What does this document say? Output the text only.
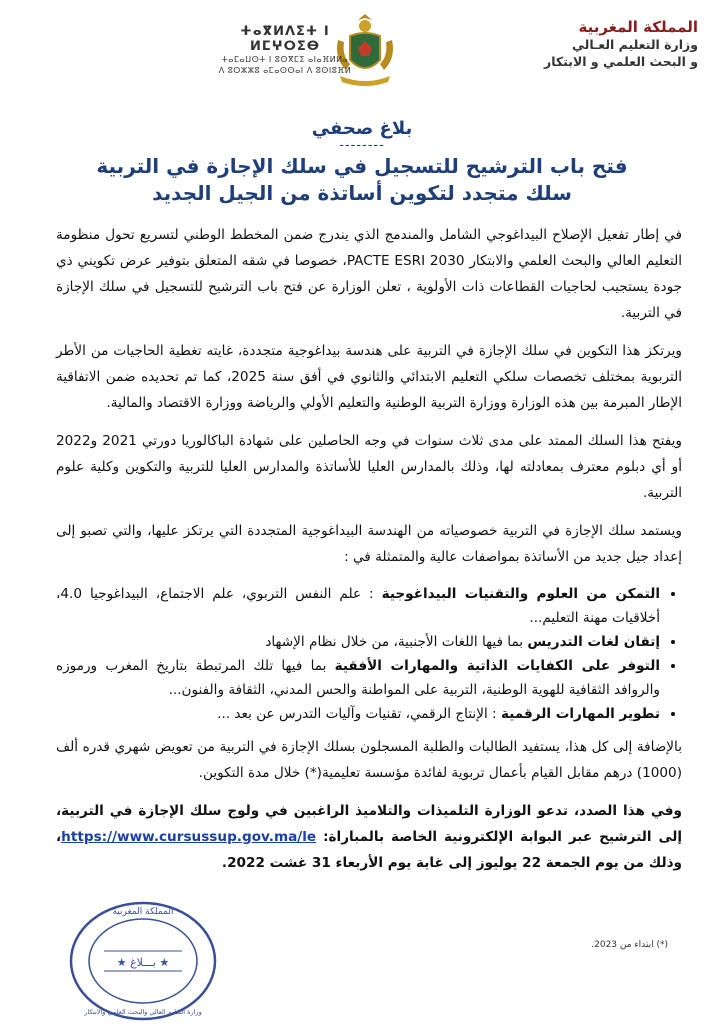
المملكة المغربية
وزارة التعليم العـالي
و البحث العلمي و الابتكار
ⵜⴰⴳⵍⴷⵉⵜ ⵏ ⵍⵎⵖⵔⵉⴱ
ⵜⴰⵎⴰⵡⵙⵜ ⵏ ⵓⵙⴳⵎⵉ ⴰⵏⴰⴼⵍⵍⴰ
ⴷ ⵓⵔⵣⵣⵓ ⴰⵎⴰⵙⵙⴰⵏ ⴷ ⵓⵙⵏⵓⴼⵍ
بلاغ صحفي
--------
فتح باب الترشيح للتسجيل في سلك الإجازة في التربية
سلك متجدد لتكوين أساتذة من الجيل الجديد

في إطار تفعيل الإصلاح البيداغوجي الشامل والمندمج الذي يندرج ضمن المخطط الوطني لتسريع تحول منظومة التعليم العالي والبحث العلمي والابتكار PACTE ESRI 2030، خصوصا في شقه المتعلق بتوفير عرض تكويني ذي جودة يستجيب لحاجيات القطاعات ذات الأولوية ، تعلن الوزارة عن فتح باب الترشيح للتسجيل في سلك الإجازة في التربية.

ويرتكز هذا التكوين في سلك الإجازة في التربية على هندسة بيداغوجية متجددة، غايته تغطية الحاجيات من الأطر التربوية بمختلف تخصصات سلكي التعليم الابتدائي والثانوي في أفق سنة 2025، كما تم تحديده ضمن الاتفاقية الإطار المبرمة بين هذه الوزارة ووزارة التربية الوطنية والتعليم الأولي والرياضة ووزارة الاقتصاد والمالية.

ويفتح هذا السلك الممتد على مدى ثلاث سنوات في وجه الحاصلين على شهادة الباكالوريا دورتي 2021 و2022 أو أي دبلوم معترف بمعادلته لها، وذلك بالمدارس العليا للأساتذة والمدارس العليا للتربية والتكوين وكلية علوم التربية.

ويستمد سلك الإجازة في التربية خصوصياته من الهندسة البيداغوجية المتجددة التي يرتكز عليها، والتي تصبو إلى إعداد جيل جديد من الأساتذة بمواصفات عالية والمتمثلة في :

• التمكن من العلوم والتقنيات البيداغوجية : علم النفس التربوي، علم الاجتماع، البيداغوجيا 4.0، أخلاقيات مهنة التعليم...
• إتقان لغات التدريس بما فيها اللغات الأجنبية، من خلال نظام الإشهاد
• التوفر على الكفايات الذاتية والمهارات الأفقية بما فيها تلك المرتبطة بتاريخ المغرب ورموزه والروافد الثقافية للهوية الوطنية، التربية على المواطنة والحس المدني، الثقافة والفنون...
• تطوير المهارات الرقمية : الإنتاج الرقمي، تقنيات وآليات التدرس عن بعد ...

بالإضافة إلى كل هذا، يستفيد الطالبات والطلبة المسجلون بسلك الإجازة في التربية من تعويض شهري قدره ألف (1000) درهم مقابل القيام بأعمال تربوية لفائدة مؤسسة تعليمية(*) خلال مدة التكوين.

وفي هذا الصدد، تدعو الوزارة التلميذات والتلاميذ الراغبين في ولوج سلك الإجازة في التربية، إلى الترشيح عبر البوابة الإلكترونية الخاصة بالمباراة: https://www.cursussup.gov.ma/le، وذلك من يوم الجمعة 22 يوليوز إلى غاية يوم الأربعاء 31 غشت 2022.

(*) ابتداء من 2023.
★ بـــلاغ ★
المملكة المغربية
وزارة التعليم العالي والبحث العلمي والابتكار
